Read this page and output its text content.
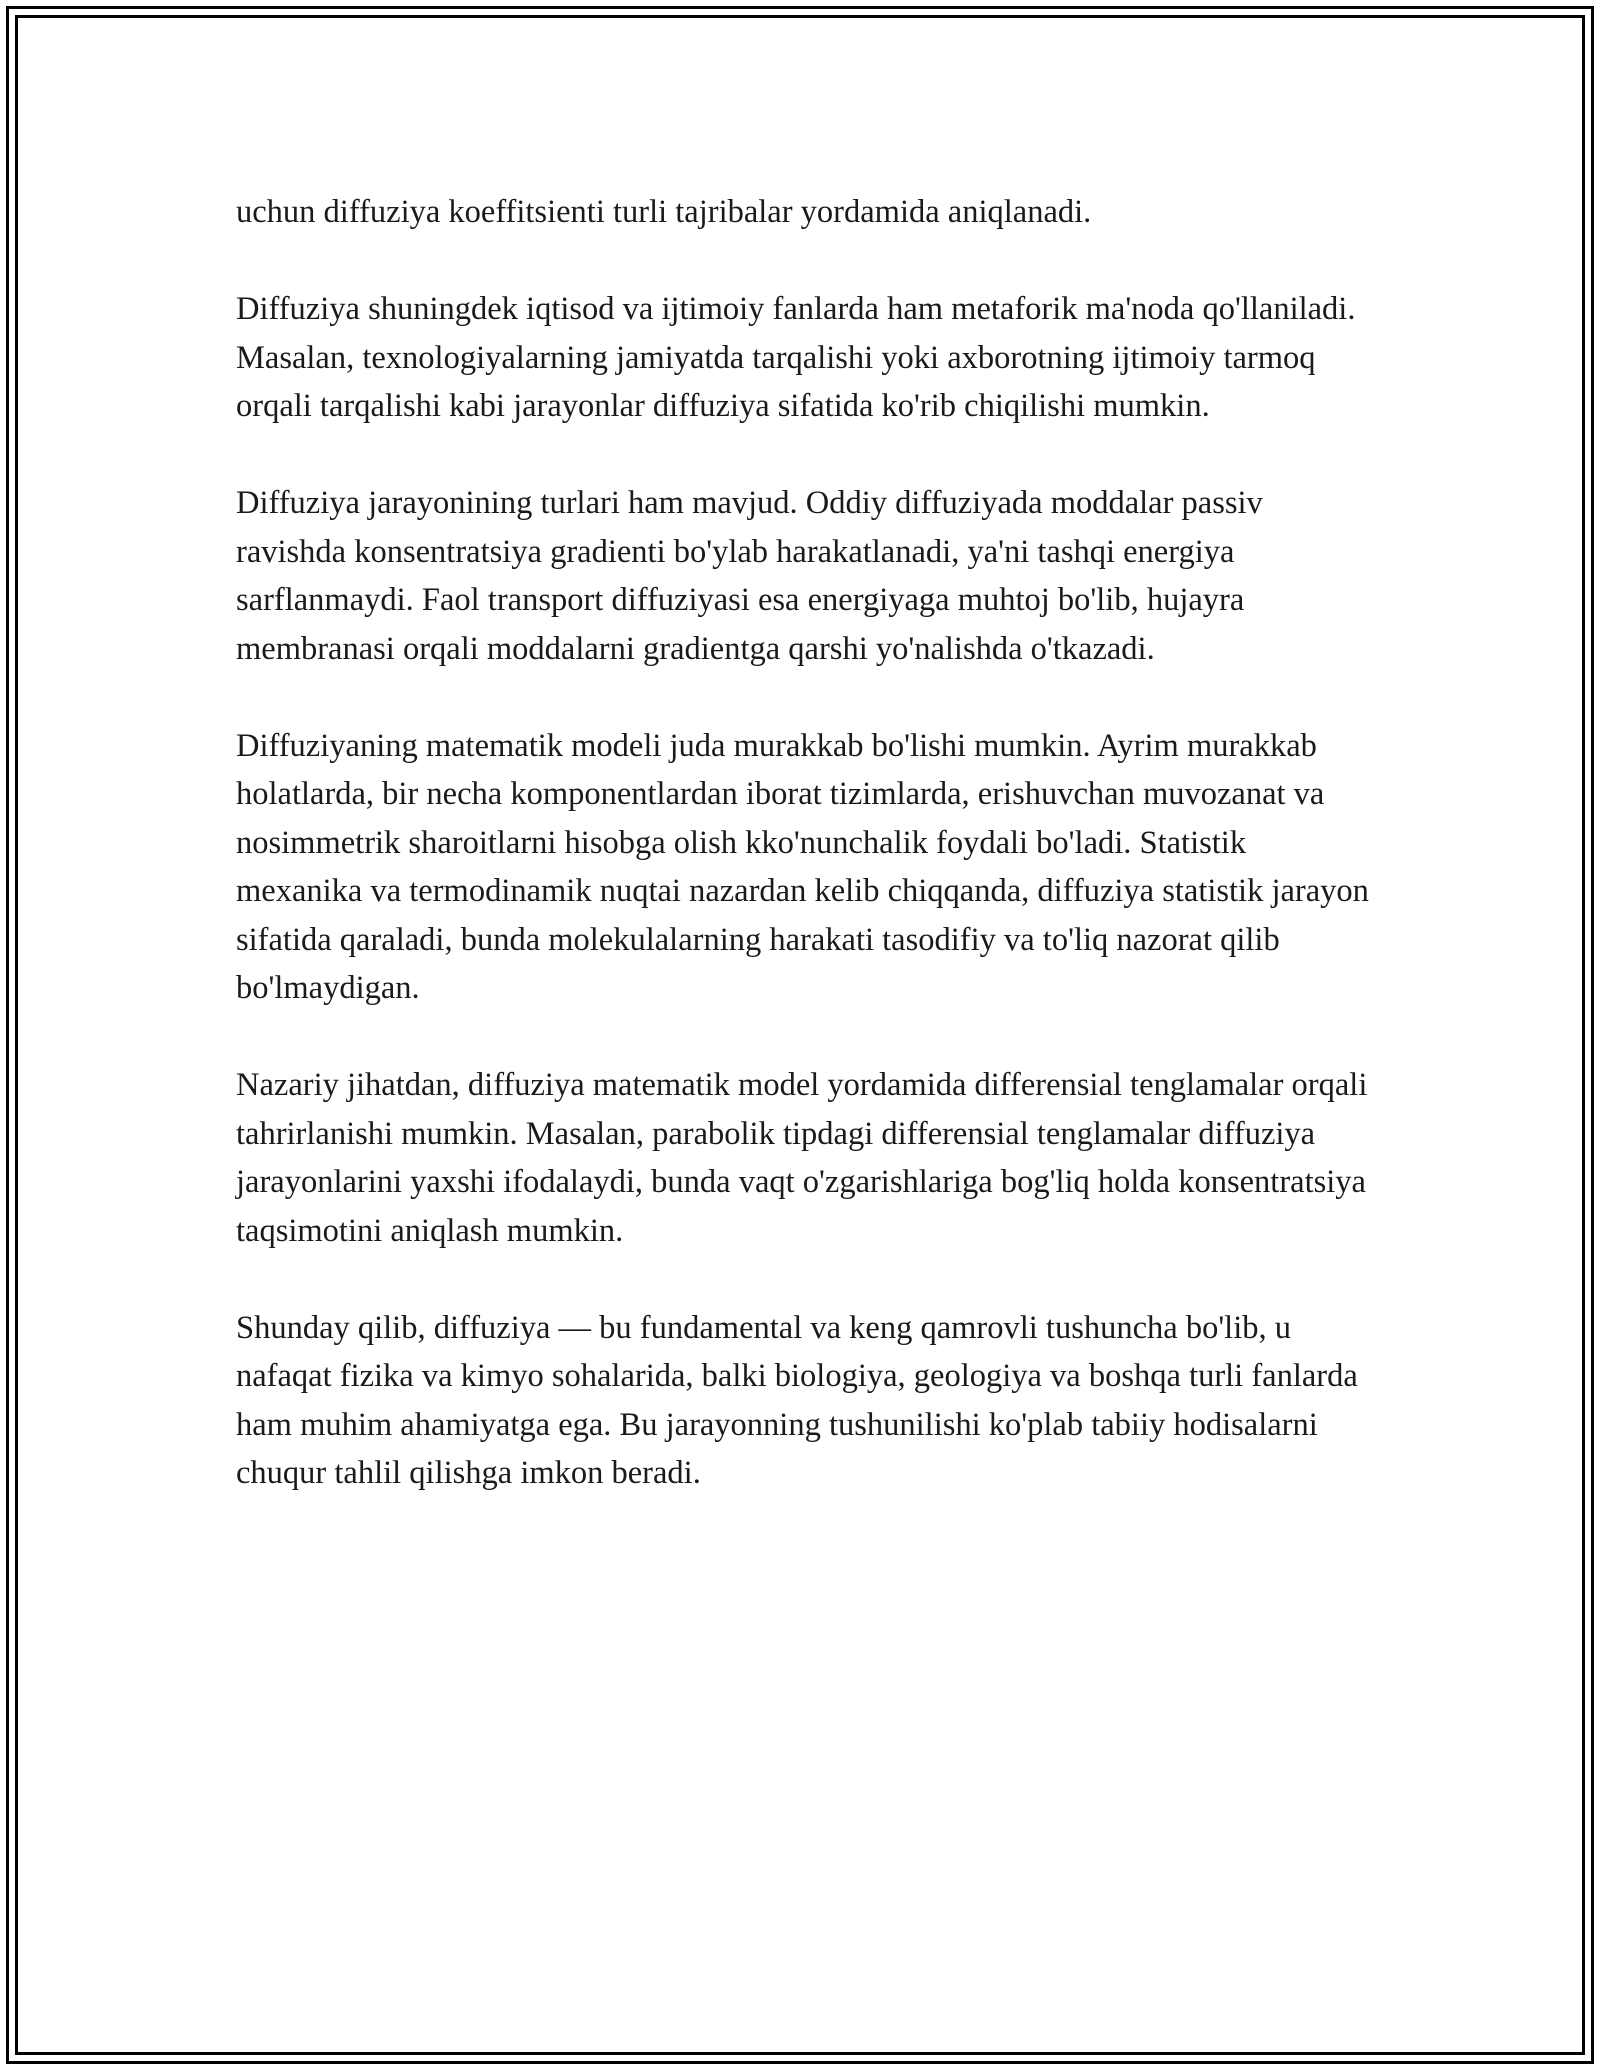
uchun diffuziya koeffitsienti turli tajribalar yordamida aniqlanadi.

Diffuziya shuningdek iqtisod va ijtimoiy fanlarda ham metaforik ma'noda qo'llaniladi. Masalan, texnologiyalarning jamiyatda tarqalishi yoki axborotning ijtimoiy tarmoq orqali tarqalishi kabi jarayonlar diffuziya sifatida ko'rib chiqilishi mumkin.

Diffuziya jarayonining turlari ham mavjud. Oddiy diffuziyada moddalar passiv ravishda konsentratsiya gradienti bo'ylab harakatlanadi, ya'ni tashqi energiya sarflanmaydi. Faol transport diffuziyasi esa energiyaga muhtoj bo'lib, hujayra membranasi orqali moddalarni gradientga qarshi yo'nalishda o'tkazadi.

Diffuziyaning matematik modeli juda murakkab bo'lishi mumkin. Ayrim murakkab holatlarda, bir necha komponentlardan iborat tizimlarda, erishuvchan muvozanat va nosimmetrik sharoitlarni hisobga olish kko'nunchalik foydali bo'ladi. Statistik mexanika va termodinamik nuqtai nazardan kelib chiqqanda, diffuziya statistik jarayon sifatida qaraladi, bunda molekulalarning harakati tasodifiy va to'liq nazorat qilib bo'lmaydigan.

Nazariy jihatdan, diffuziya matematik model yordamida differensial tenglamalar orqali tahrirlanishi mumkin. Masalan, parabolik tipdagi differensial tenglamalar diffuziya jarayonlarini yaxshi ifodalaydi, bunda vaqt o'zgarishlariga bog'liq holda konsentratsiya taqsimotini aniqlash mumkin.

Shunday qilib, diffuziya — bu fundamental va keng qamrovli tushuncha bo'lib, u nafaqat fizika va kimyo sohalarida, balki biologiya, geologiya va boshqa turli fanlarda ham muhim ahamiyatga ega. Bu jarayonning tushunilishi ko'plab tabiiy hodisalarni chuqur tahlil qilishga imkon beradi.
